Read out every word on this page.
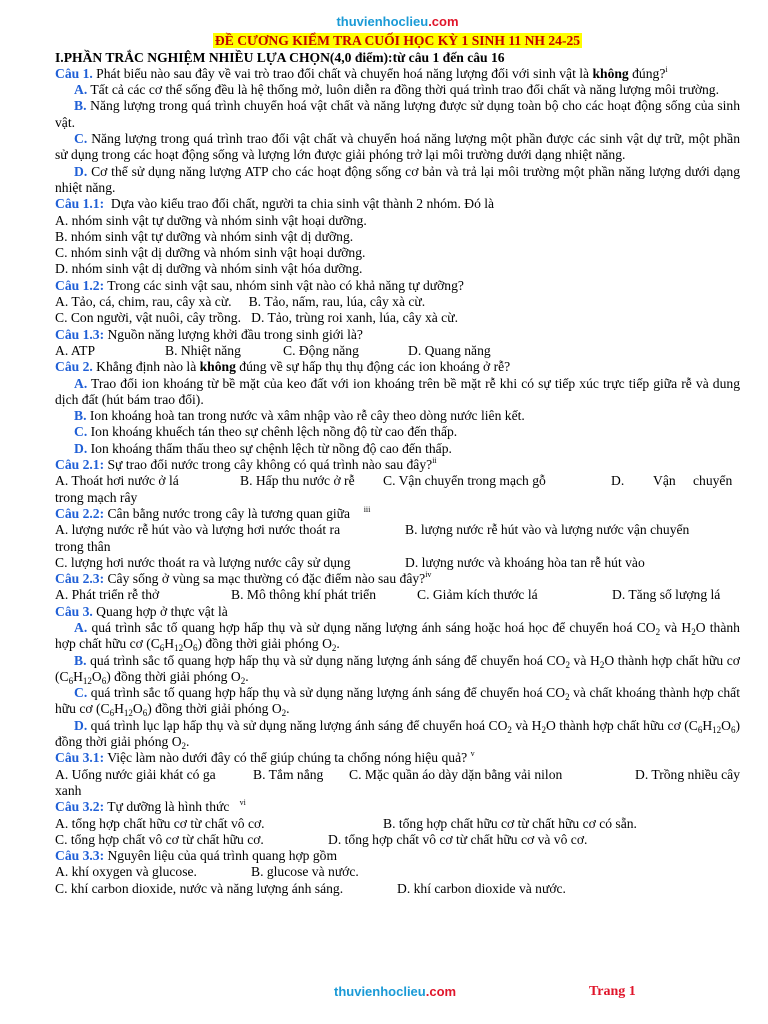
thuvienhoclieu.com
ĐỀ CƯƠNG KIỂM TRA CUỐI HỌC KỲ 1 SINH 11 NH 24-25
I.PHẦN TRẮC NGHIỆM NHIỀU LỰA CHỌN(4,0 điểm):từ câu 1 đến câu 16
Câu 1. Phát biểu nào sau đây về vai trò trao đổi chất và chuyển hoá năng lượng đối với sinh vật là không đúng?$^i$
A. Tất cả các cơ thể sống đều là hệ thống mở, luôn diễn ra đồng thời quá trình trao đổi chất và năng lượng môi trường.
B. Năng lượng trong quá trình chuyển hoá vật chất và năng lượng được sử dụng toàn bộ cho các hoạt động sống của sinh vật.
C. Năng lượng trong quá trình trao đổi vật chất và chuyển hoá năng lượng một phần được các sinh vật dự trữ, một phần sử dụng trong các hoạt động sống và lượng lớn được giải phóng trở lại môi trường dưới dạng nhiệt năng.
D. Cơ thể sử dụng năng lượng ATP cho các hoạt động sống cơ bản và trả lại môi trường một phần năng lượng dưới dạng nhiệt năng.
Câu 1.1:  Dựa vào kiểu trao đổi chất, người ta chia sinh vật thành 2 nhóm. Đó là
A. nhóm sinh vật tự dưỡng và nhóm sinh vật hoại dưỡng.
B. nhóm sinh vật tự dưỡng và nhóm sinh vật dị dưỡng.
C. nhóm sinh vật dị dưỡng và nhóm sinh vật hoại dưỡng.
D. nhóm sinh vật dị dưỡng và nhóm sinh vật hóa dưỡng.
Câu 1.2: Trong các sinh vật sau, nhóm sinh vật nào có khả năng tự dưỡng?
A. Tảo, cá, chim, rau, cây xà cừ.     B. Tảo, nấm, rau, lúa, cây xà cừ.
C. Con người, vật nuôi, cây trồng.   D. Tảo, trùng roi xanh, lúa, cây xà cừ.
Câu 1.3: Nguồn năng lượng khởi đầu trong sinh giới là?
A. ATP	B. Nhiệt năng	C. Động năng	D. Quang năng
Câu 2. Khẳng định nào là không đúng về sự hấp thụ thụ động các ion khoáng ở rễ?
A. Trao đổi ion khoáng từ bề mặt của keo đất với ion khoáng trên bề mặt rễ khi có sự tiếp xúc trực tiếp giữa rễ và dung dịch đất (hút bám trao đổi).
B. Ion khoáng hoà tan trong nước và xâm nhập vào rễ cây theo dòng nước liên kết.
C. Ion khoáng khuếch tán theo sự chênh lệch nồng độ từ cao đến thấp.
D. Ion khoáng thẩm thấu theo sự chệnh lệch từ nồng độ cao đến thấp.
Câu 2.1: Sự trao đổi nước trong cây không có quá trình nào sau đây?$^{ii}$
A. Thoát hơi nước ở lá	B. Hấp thu nước ở rễ	C. Vận chuyển trong mạch gỗ	D.	Vận	chuyển
trong mạch rây
Câu 2.2: Cân bằng nước trong cây là tương quan giữa $^{iii}$
A. lượng nước rễ hút vào và lượng hơi nước thoát ra	B. lượng nước rễ hút vào và lượng nước vận chuyển
trong thân
C. lượng hơi nước thoát ra và lượng nước cây sử dụng	D. lượng nước và khoáng hòa tan rễ hút vào
Câu 2.3: Cây sống ở vùng sa mạc thường có đặc điểm nào sau đây?$^{iv}$
A. Phát triển rễ thở	B. Mô thông khí phát triển	C. Giảm kích thước lá	D. Tăng số lượng lá
Câu 3. Quang hợp ở thực vật là
A. quá trình sắc tố quang hợp hấp thụ và sử dụng năng lượng ánh sáng hoặc hoá học để chuyển hoá $CO_2$ và $H_2O$ thành hợp chất hữu cơ $(C_6H_{12}O_6)$ đồng thời giải phóng $O_2$.
B. quá trình sắc tố quang hợp hấp thụ và sử dụng năng lượng ánh sáng để chuyển hoá $CO_2$ và $H_2O$ thành hợp chất hữu cơ $(C_6H_{12}O_6)$ đồng thời giải phóng $O_2$.
C. quá trình sắc tố quang hợp hấp thụ và sử dụng năng lượng ánh sáng để chuyển hoá $CO_2$ và chất khoáng thành hợp chất hữu cơ $(C_6H_{12}O_6)$ đồng thời giải phóng $O_2$.
D. quá trình lục lạp hấp thụ và sử dụng năng lượng ánh sáng để chuyển hoá $CO_2$ và $H_2O$ thành hợp chất hữu cơ $(C_6H_{12}O_6)$ đồng thời giải phóng $O_2$.
Câu 3.1: Việc làm nào dưới đây có thể giúp chúng ta chống nóng hiệu quả? $^v$
A. Uống nước giải khát có ga	B. Tắm nắng	C. Mặc quần áo dày dặn bằng vải nilon	D. Trồng nhiều cây
xanh
Câu 3.2: Tự dưỡng là hình thức $^{vi}$
A. tổng hợp chất hữu cơ từ chất vô cơ.	B. tổng hợp chất hữu cơ từ chất hữu cơ có sẵn.
C. tổng hợp chất vô cơ từ chất hữu cơ.	D. tổng hợp chất vô cơ từ chất hữu cơ và vô cơ.
Câu 3.3: Nguyên liệu của quá trình quang hợp gồm
A. khí oxygen và glucose.	B. glucose và nước.
C. khí carbon dioxide, nước và năng lượng ánh sáng.	D. khí carbon dioxide và nước.
thuvienhoclieu.com	Trang 1
